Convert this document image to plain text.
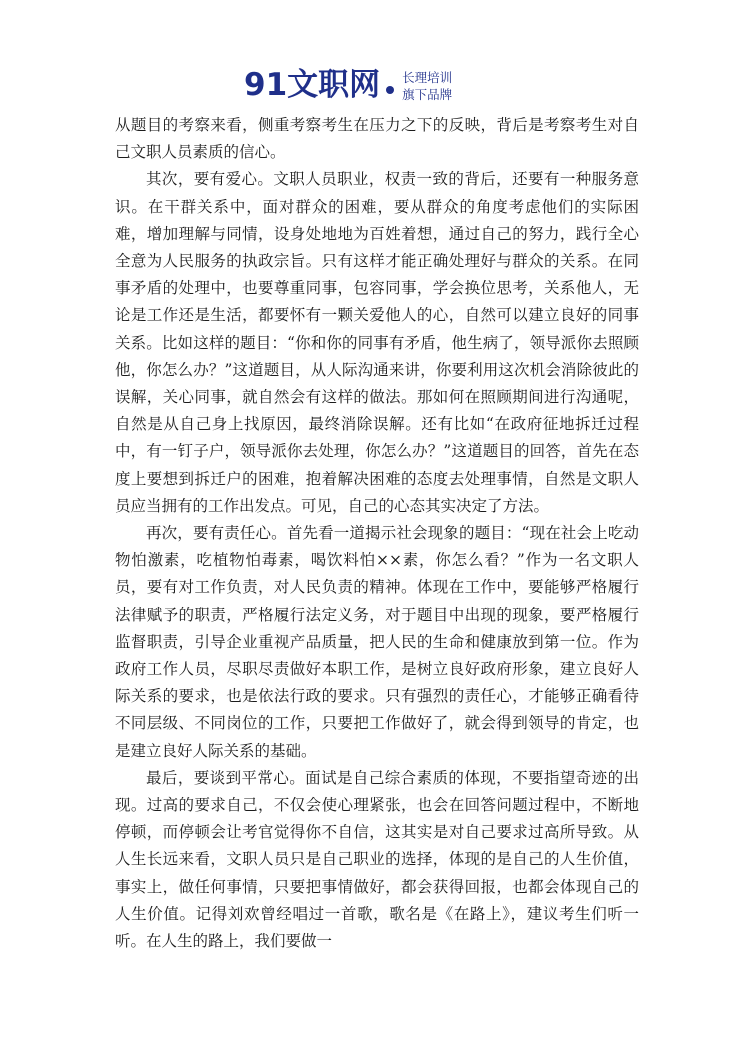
91文职网 长理培训
旗下品牌

从题目的考察来看，侧重考察考生在压力之下的反映，背后是考察考生对自己文职人员素质的信心。

其次，要有爱心。文职人员职业，权责一致的背后，还要有一种服务意识。在干群关系中，面对群众的困难，要从群众的角度考虑他们的实际困难，增加理解与同情，设身处地地为百姓着想，通过自己的努力，践行全心全意为人民服务的执政宗旨。只有这样才能正确处理好与群众的关系。在同事矛盾的处理中，也要尊重同事，包容同事，学会换位思考，关系他人，无论是工作还是生活，都要怀有一颗关爱他人的心，自然可以建立良好的同事关系。比如这样的题目：“你和你的同事有矛盾，他生病了，领导派你去照顾他，你怎么办？”这道题目，从人际沟通来讲，你要利用这次机会消除彼此的误解，关心同事，就自然会有这样的做法。那如何在照顾期间进行沟通呢，自然是从自己身上找原因，最终消除误解。还有比如“在政府征地拆迁过程中，有一钉子户，领导派你去处理，你怎么办？”这道题目的回答，首先在态度上要想到拆迁户的困难，抱着解决困难的态度去处理事情，自然是文职人员应当拥有的工作出发点。可见，自己的心态其实决定了方法。

再次，要有责任心。首先看一道揭示社会现象的题目：“现在社会上吃动物怕激素，吃植物怕毒素，喝饮料怕××素，你怎么看？”作为一名文职人员，要有对工作负责，对人民负责的精神。体现在工作中，要能够严格履行法律赋予的职责，严格履行法定义务，对于题目中出现的现象，要严格履行监督职责，引导企业重视产品质量，把人民的生命和健康放到第一位。作为政府工作人员，尽职尽责做好本职工作，是树立良好政府形象，建立良好人际关系的要求，也是依法行政的要求。只有强烈的责任心，才能够正确看待不同层级、不同岗位的工作，只要把工作做好了，就会得到领导的肯定，也是建立良好人际关系的基础。

最后，要谈到平常心。面试是自己综合素质的体现，不要指望奇迹的出现。过高的要求自己，不仅会使心理紧张，也会在回答问题过程中，不断地停顿，而停顿会让考官觉得你不自信，这其实是对自己要求过高所导致。从人生长远来看，文职人员只是自己职业的选择，体现的是自己的人生价值，事实上，做任何事情，只要把事情做好，都会获得回报，也都会体现自己的人生价值。记得刘欢曾经唱过一首歌，歌名是《在路上》，建议考生们听一听。在人生的路上，我们要做一
